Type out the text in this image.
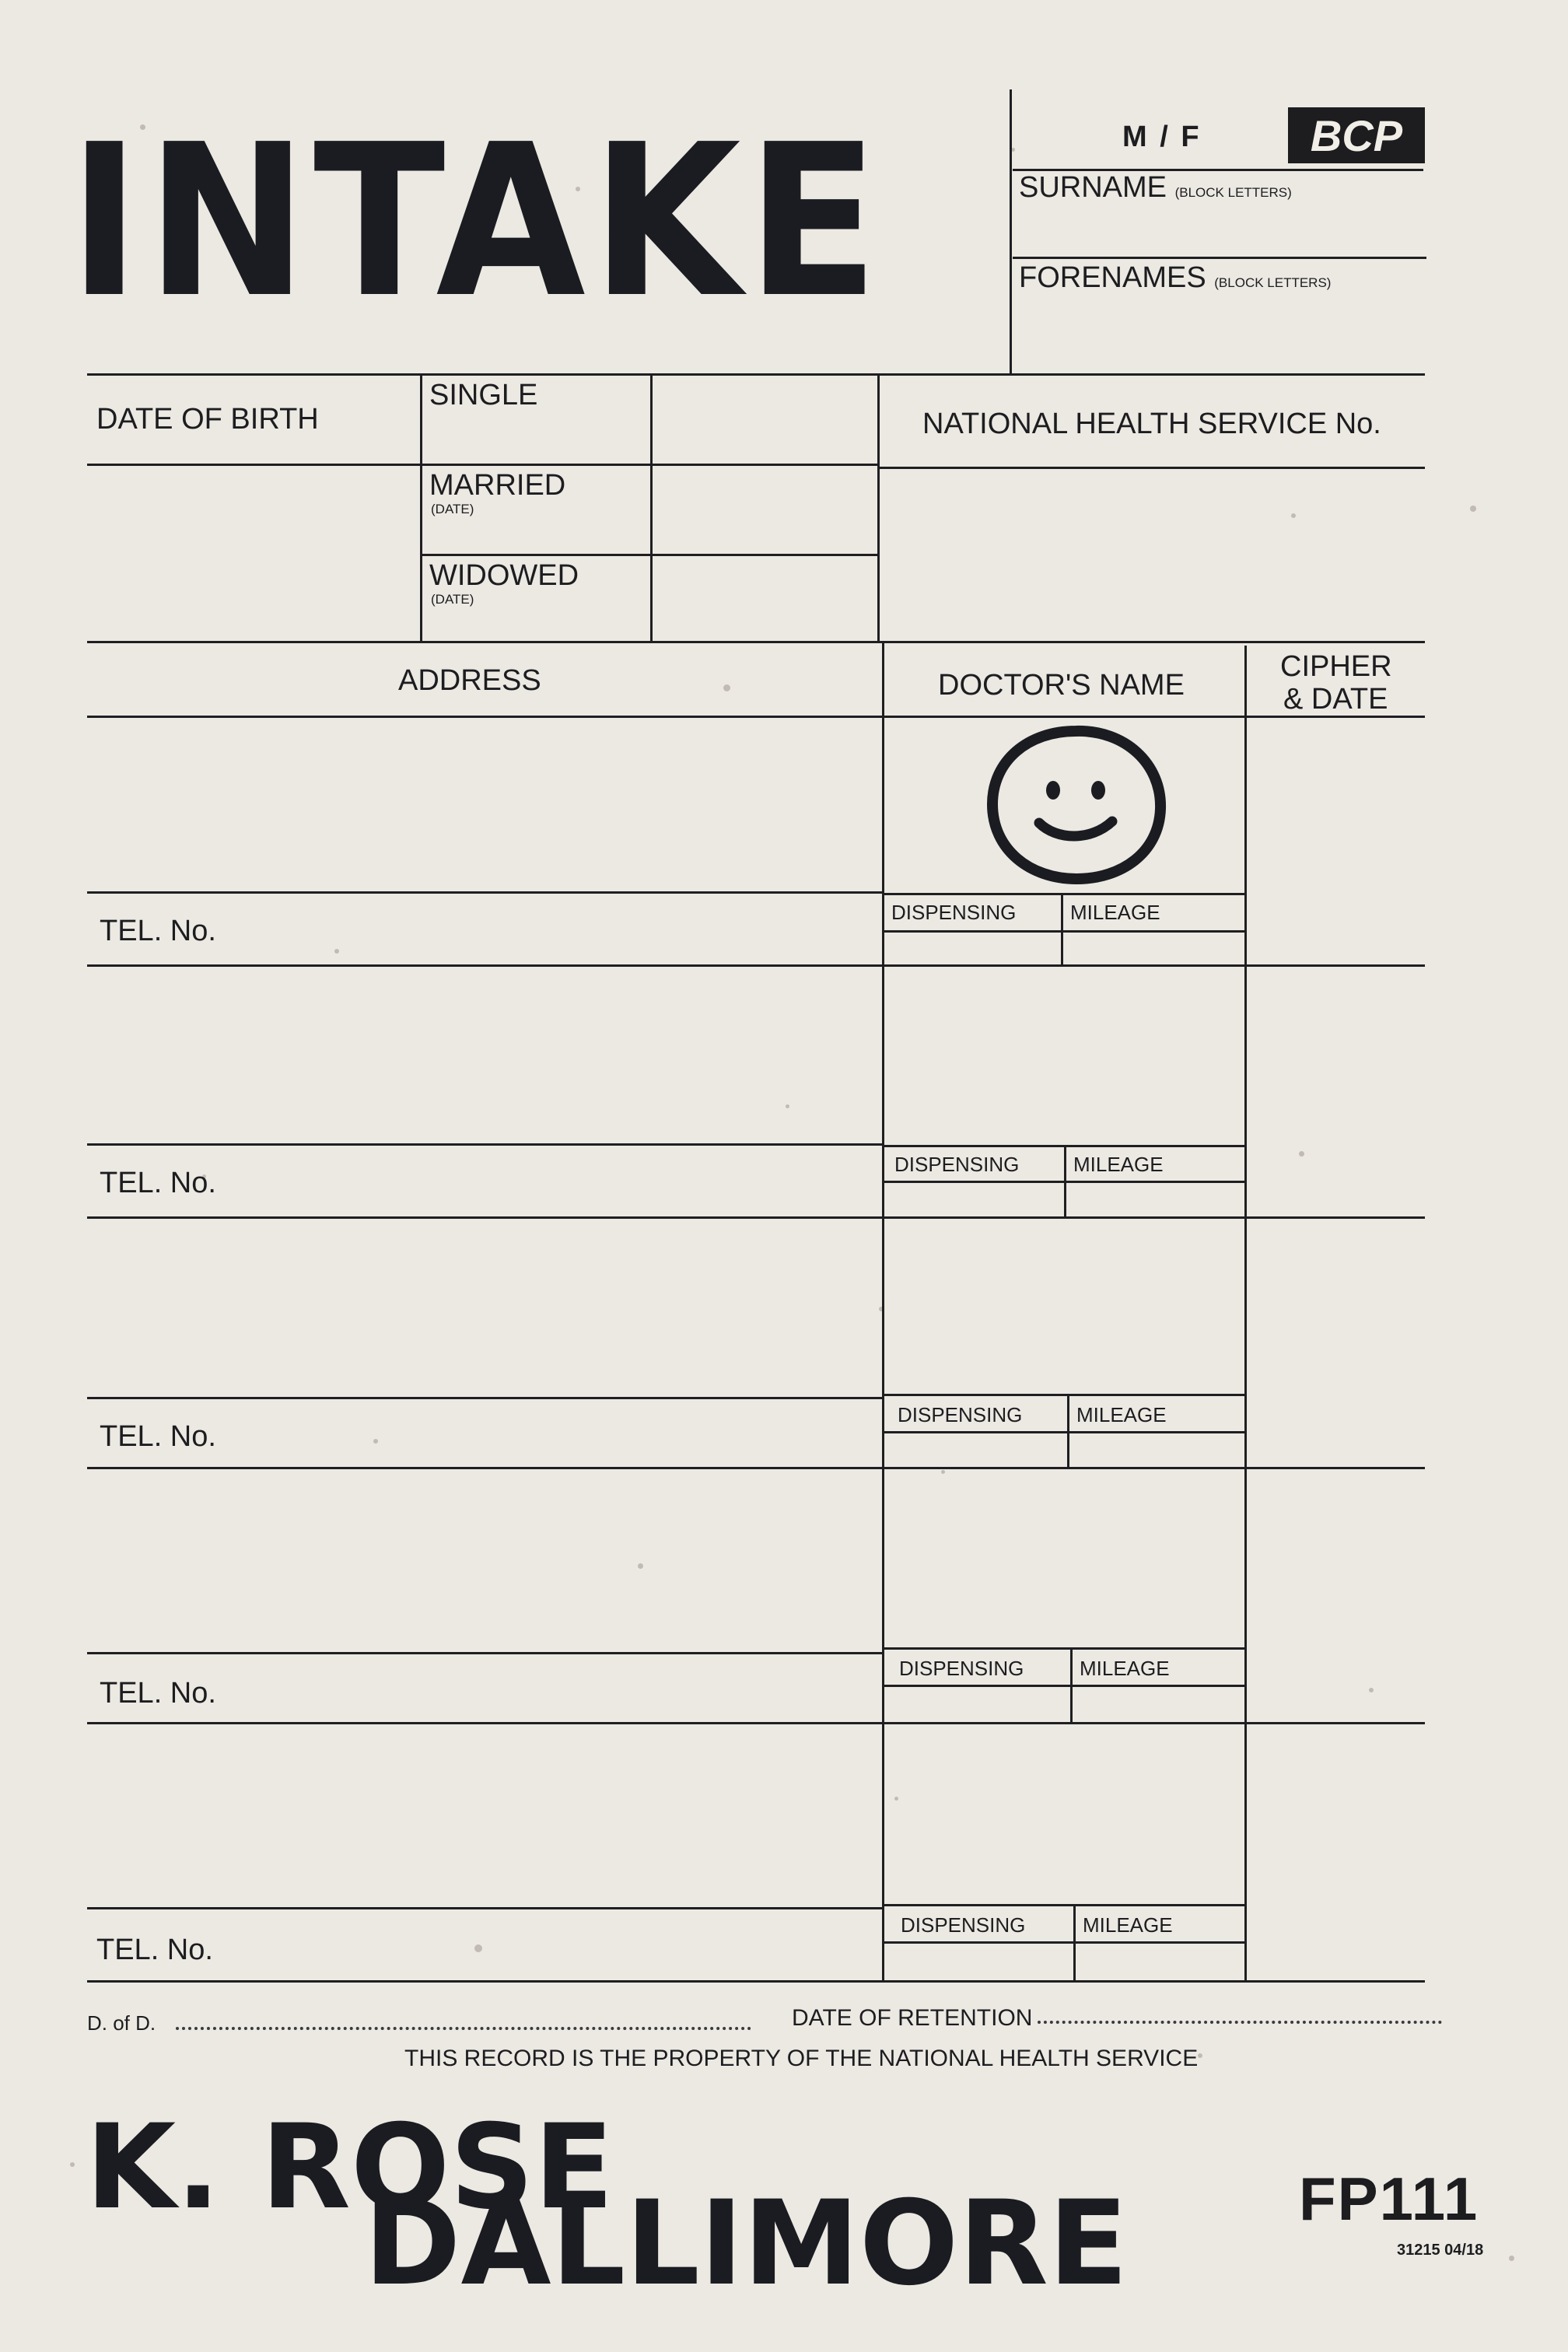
INTAKE	M / F	BCP
SURNAME (BLOCK LETTERS)
FORENAMES (BLOCK LETTERS)
DATE OF BIRTH
SINGLE
MARRIED
(DATE)
WIDOWED
(DATE)
NATIONAL HEALTH SERVICE No.
ADDRESS	DOCTOR'S NAME
CIPHER
& DATE
TEL. No.
DISPENSING	MILEAGE
TEL. No.
DISPENSING	MILEAGE
TEL. No.
DISPENSING	MILEAGE
TEL. No.
DISPENSING	MILEAGE
TEL. No.
DISPENSING	MILEAGE
D. of D.	DATE OF RETENTION
THIS RECORD IS THE PROPERTY OF THE NATIONAL HEALTH SERVICE
K. ROSE
DALLIMORE	FP111
31215 04/18
